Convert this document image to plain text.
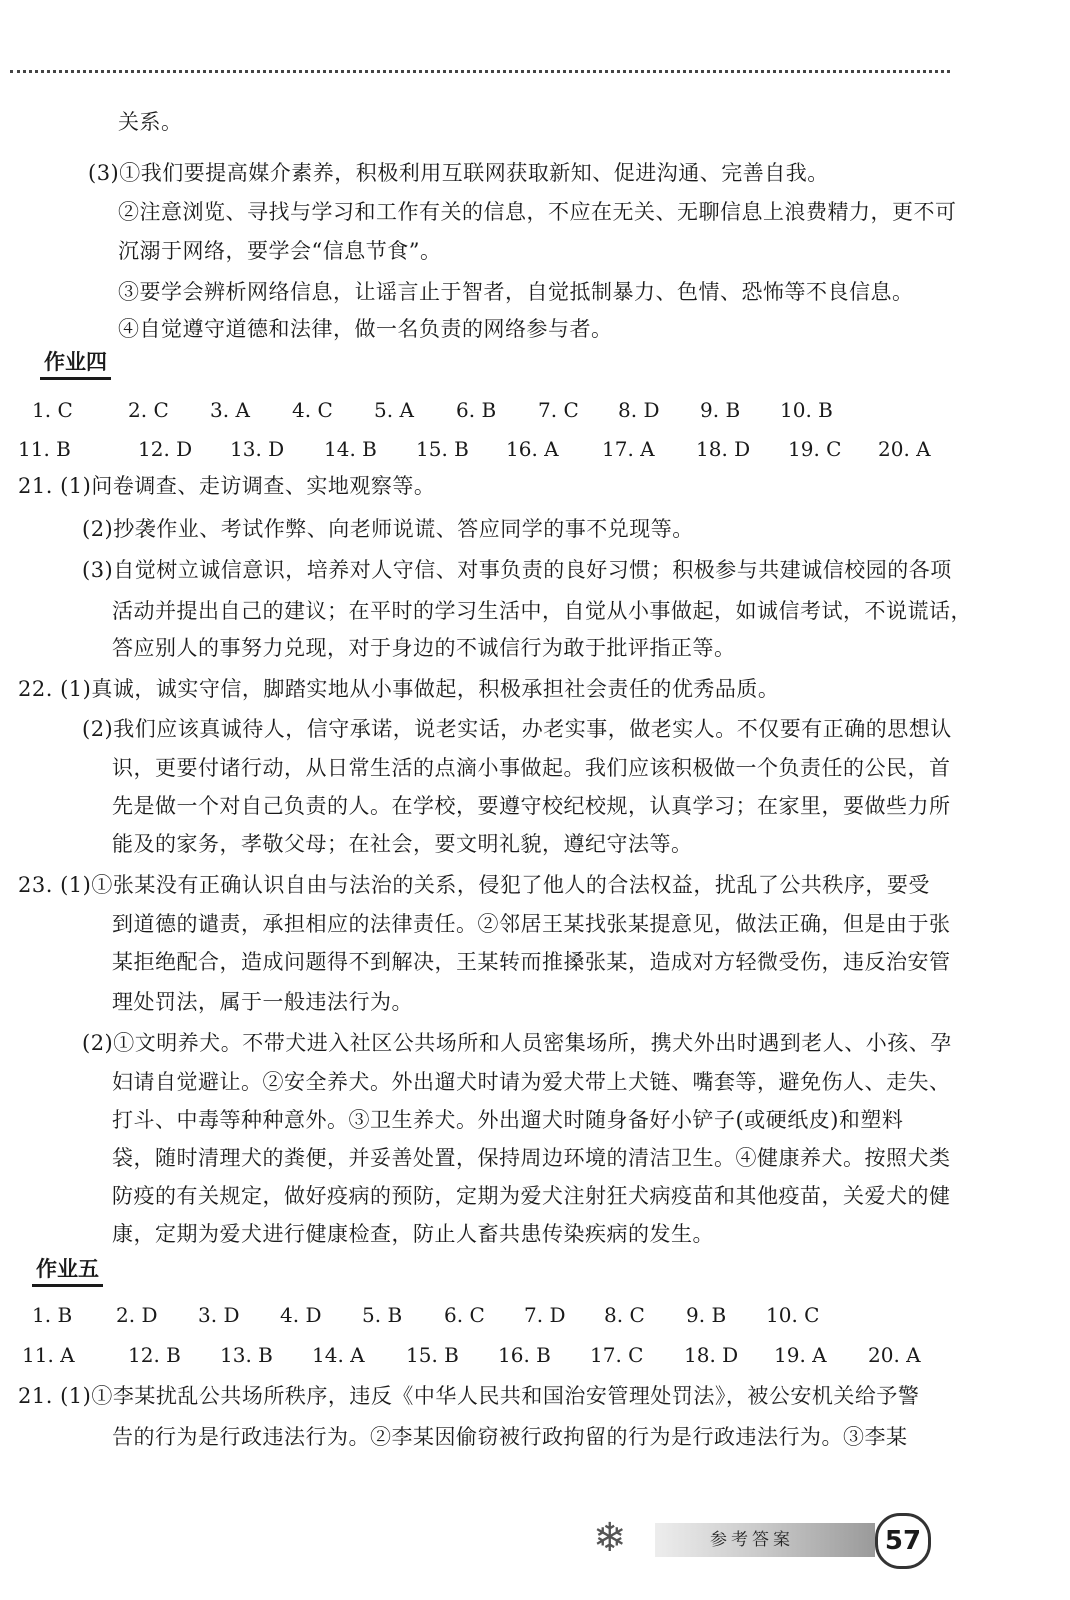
关系。
(3)①我们要提高媒介素养，积极利用互联网获取新知、促进沟通、完善自我。
②注意浏览、寻找与学习和工作有关的信息，不应在无关、无聊信息上浪费精力，更不可
沉溺于网络，要学会“信息节食”。
③要学会辨析网络信息，让谣言止于智者，自觉抵制暴力、色情、恐怖等不良信息。
④自觉遵守道德和法律，做一名负责的网络参与者。
作业四
1. C	2. C 3. A 4. C 5. A 6. B 7. C 8. D 9. B 10. B
11. B	12. D 13. D 14. B 15. B 16. A 17. A 18. D 19. C 20. A
21. (1)问卷调查、走访调查、实地观察等。
(2)抄袭作业、考试作弊、向老师说谎、答应同学的事不兑现等。
(3)自觉树立诚信意识，培养对人守信、对事负责的良好习惯；积极参与共建诚信校园的各项
活动并提出自己的建议；在平时的学习生活中，自觉从小事做起，如诚信考试，不说谎话，
答应别人的事努力兑现，对于身边的不诚信行为敢于批评指正等。
22. (1)真诚，诚实守信，脚踏实地从小事做起，积极承担社会责任的优秀品质。
(2)我们应该真诚待人，信守承诺，说老实话，办老实事，做老实人。不仅要有正确的思想认
识，更要付诸行动，从日常生活的点滴小事做起。我们应该积极做一个负责任的公民，首
先是做一个对自己负责的人。在学校，要遵守校纪校规，认真学习；在家里，要做些力所
能及的家务，孝敬父母；在社会，要文明礼貌，遵纪守法等。
23. (1)①张某没有正确认识自由与法治的关系，侵犯了他人的合法权益，扰乱了公共秩序，要受
到道德的谴责，承担相应的法律责任。②邻居王某找张某提意见，做法正确，但是由于张
某拒绝配合，造成问题得不到解决，王某转而推搡张某，造成对方轻微受伤，违反治安管
理处罚法，属于一般违法行为。
(2)①文明养犬。不带犬进入社区公共场所和人员密集场所，携犬外出时遇到老人、小孩、孕
妇请自觉避让。②安全养犬。外出遛犬时请为爱犬带上犬链、嘴套等，避免伤人、走失、
打斗、中毒等种种意外。③卫生养犬。外出遛犬时随身备好小铲子(或硬纸皮)和塑料
袋，随时清理犬的粪便，并妥善处置，保持周边环境的清洁卫生。④健康养犬。按照犬类
防疫的有关规定，做好疫病的预防，定期为爱犬注射狂犬病疫苗和其他疫苗，关爱犬的健
康，定期为爱犬进行健康检查，防止人畜共患传染疾病的发生。
作业五
1. B 2. D 3. D 4. D 5. B 6. C 7. D 8. C 9. B 10. C
11. A	12. B 13. B 14. A 15. B 16. B 17. C 18. D 19. A 20. A
21. (1)①李某扰乱公共场所秩序，违反《中华人民共和国治安管理处罚法》，被公安机关给予警
告的行为是行政违法行为。②李某因偷窃被行政拘留的行为是行政违法行为。③李某
❄	参考答案	57
